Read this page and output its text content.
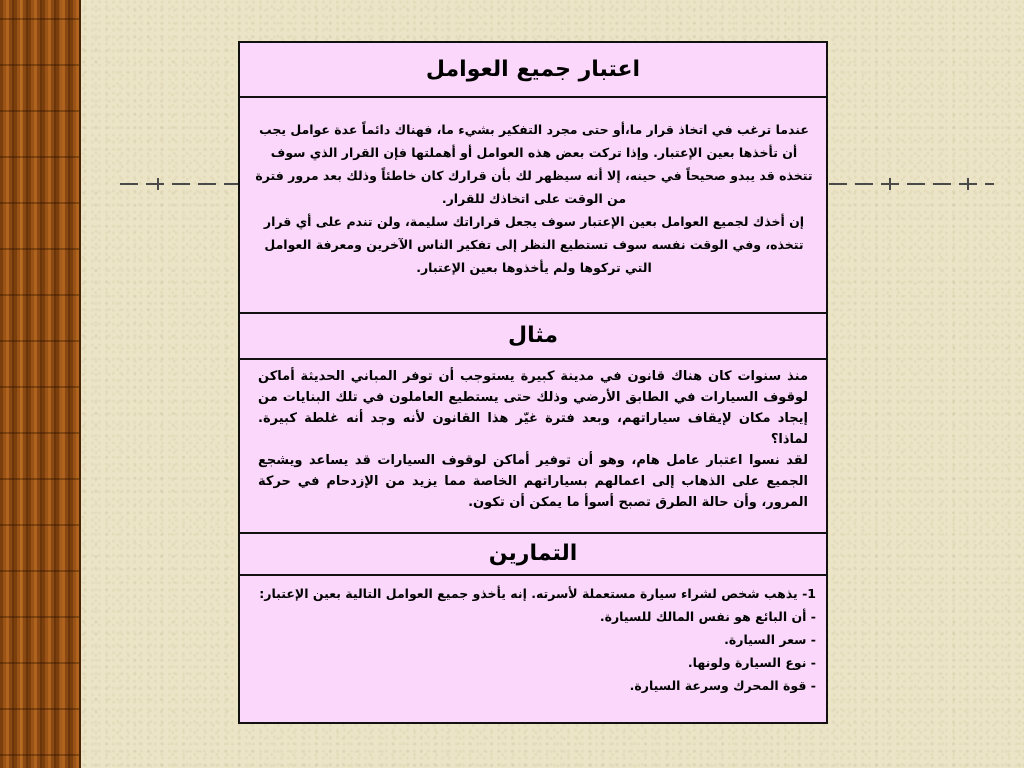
اعتبار جميع العوامل

عندما ترغب في اتخاذ قرار ما،أو حتى مجرد التفكير بشيء ما، فهناك دائماً عدة عوامل يجب أن تأخذها بعين الإعتبار. وإذا تركت بعض هذه العوامل أو أهملتها فإن القرار الذي سوف تتخذه قد يبدو صحيحاً في حينه، إلا أنه سيظهر لك بأن قرارك كان خاطئاً وذلك بعد مرور فترة من الوقت على اتخاذك للقرار.

إن أخذك لجميع العوامل بعين الإعتبار سوف يجعل قراراتك سليمة، ولن تندم على أي قرار تتخذه، وفي الوقت نفسه سوف تستطيع النظر إلى تفكير الناس الآخرين ومعرفة العوامل التي تركوها ولم يأخذوها بعين الإعتبار.

مثال

منذ سنوات كان هناك قانون في مدينة كبيرة يستوجب أن توفر المباني الحديثة أماكن لوقوف السيارات في الطابق الأرضي وذلك حتى يستطيع العاملون في تلك البنايات من إيجاد مكان لإيقاف سياراتهم، وبعد فترة غيّر هذا القانون لأنه وجد أنه غلطة كبيرة. لماذا؟

لقد نسوا اعتبار عامل هام، وهو أن توفير أماكن لوقوف السيارات قد يساعد ويشجع الجميع على الذهاب إلى اعمالهم بسياراتهم الخاصة مما يزيد من الإزدحام في حركة المرور، وأن حالة الطرق تصبح أسوأ ما يمكن أن تكون.

التمارين

1- يذهب شخص لشراء سيارة مستعملة لأسرته. إنه يأخذو جميع العوامل التالية بعين الإعتبار:

- أن البائع هو نفس المالك للسيارة.

- سعر السيارة.

- نوع السيارة ولونها.

- قوة المحرك وسرعة السيارة.
